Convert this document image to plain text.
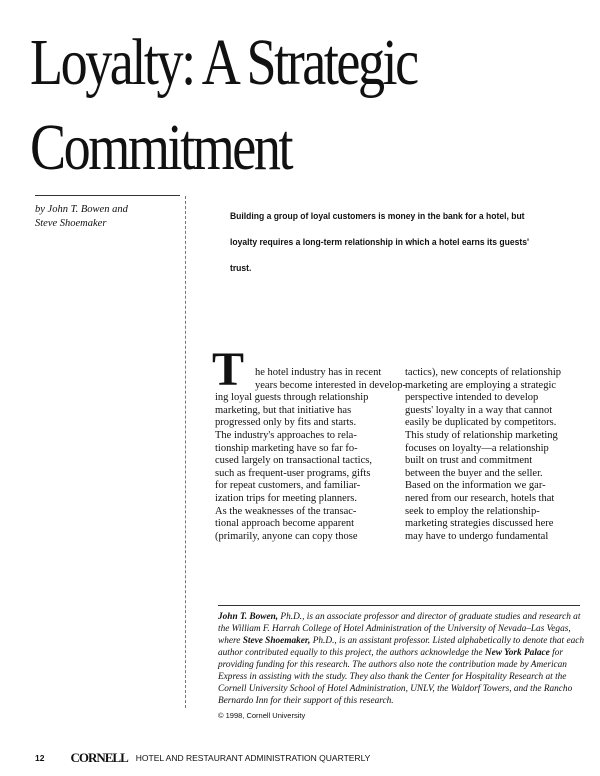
Loyalty: A Strategic
Commitment
by John T. Bowen and
Steve Shoemaker
Building a group of loyal customers is money in the bank for a hotel, but loyalty requires a long-term relationship in which a hotel earns its guests' trust.
T	he hotel industry has in recent
years become interested in develop-
ing loyal guests through relationship
marketing, but that initiative has
progressed only by fits and starts.
The industry's approaches to rela-
tionship marketing have so far fo-
cused largely on transactional tactics,
such as frequent-user programs, gifts
for repeat customers, and familiar-
ization trips for meeting planners.
As the weaknesses of the transac-
tional approach become apparent
(primarily, anyone can copy those
tactics), new concepts of relationship
marketing are employing a strategic
perspective intended to develop
guests' loyalty in a way that cannot
easily be duplicated by competitors.
This study of relationship marketing
focuses on loyalty—a relationship
built on trust and commitment
between the buyer and the seller.
Based on the information we gar-
nered from our research, hotels that
seek to employ the relationship-
marketing strategies discussed here
may have to undergo fundamental
John T. Bowen, Ph.D., is an associate professor and director of graduate studies and research at the William F. Harrah College of Hotel Administration of the University of Nevada–Las Vegas, where Steve Shoemaker, Ph.D., is an assistant professor. Listed alphabetically to denote that each author contributed equally to this project, the authors acknowledge the New York Palace for providing funding for this research. The authors also note the contribution made by American Express in assisting with the study. They also thank the Center for Hospitality Research at the Cornell University School of Hotel Administration, UNLV, the Waldorf Towers, and the Rancho Bernardo Inn for their support of this research.
© 1998, Cornell University
12 CORNELL HOTEL AND RESTAURANT ADMINISTRATION QUARTERLY
